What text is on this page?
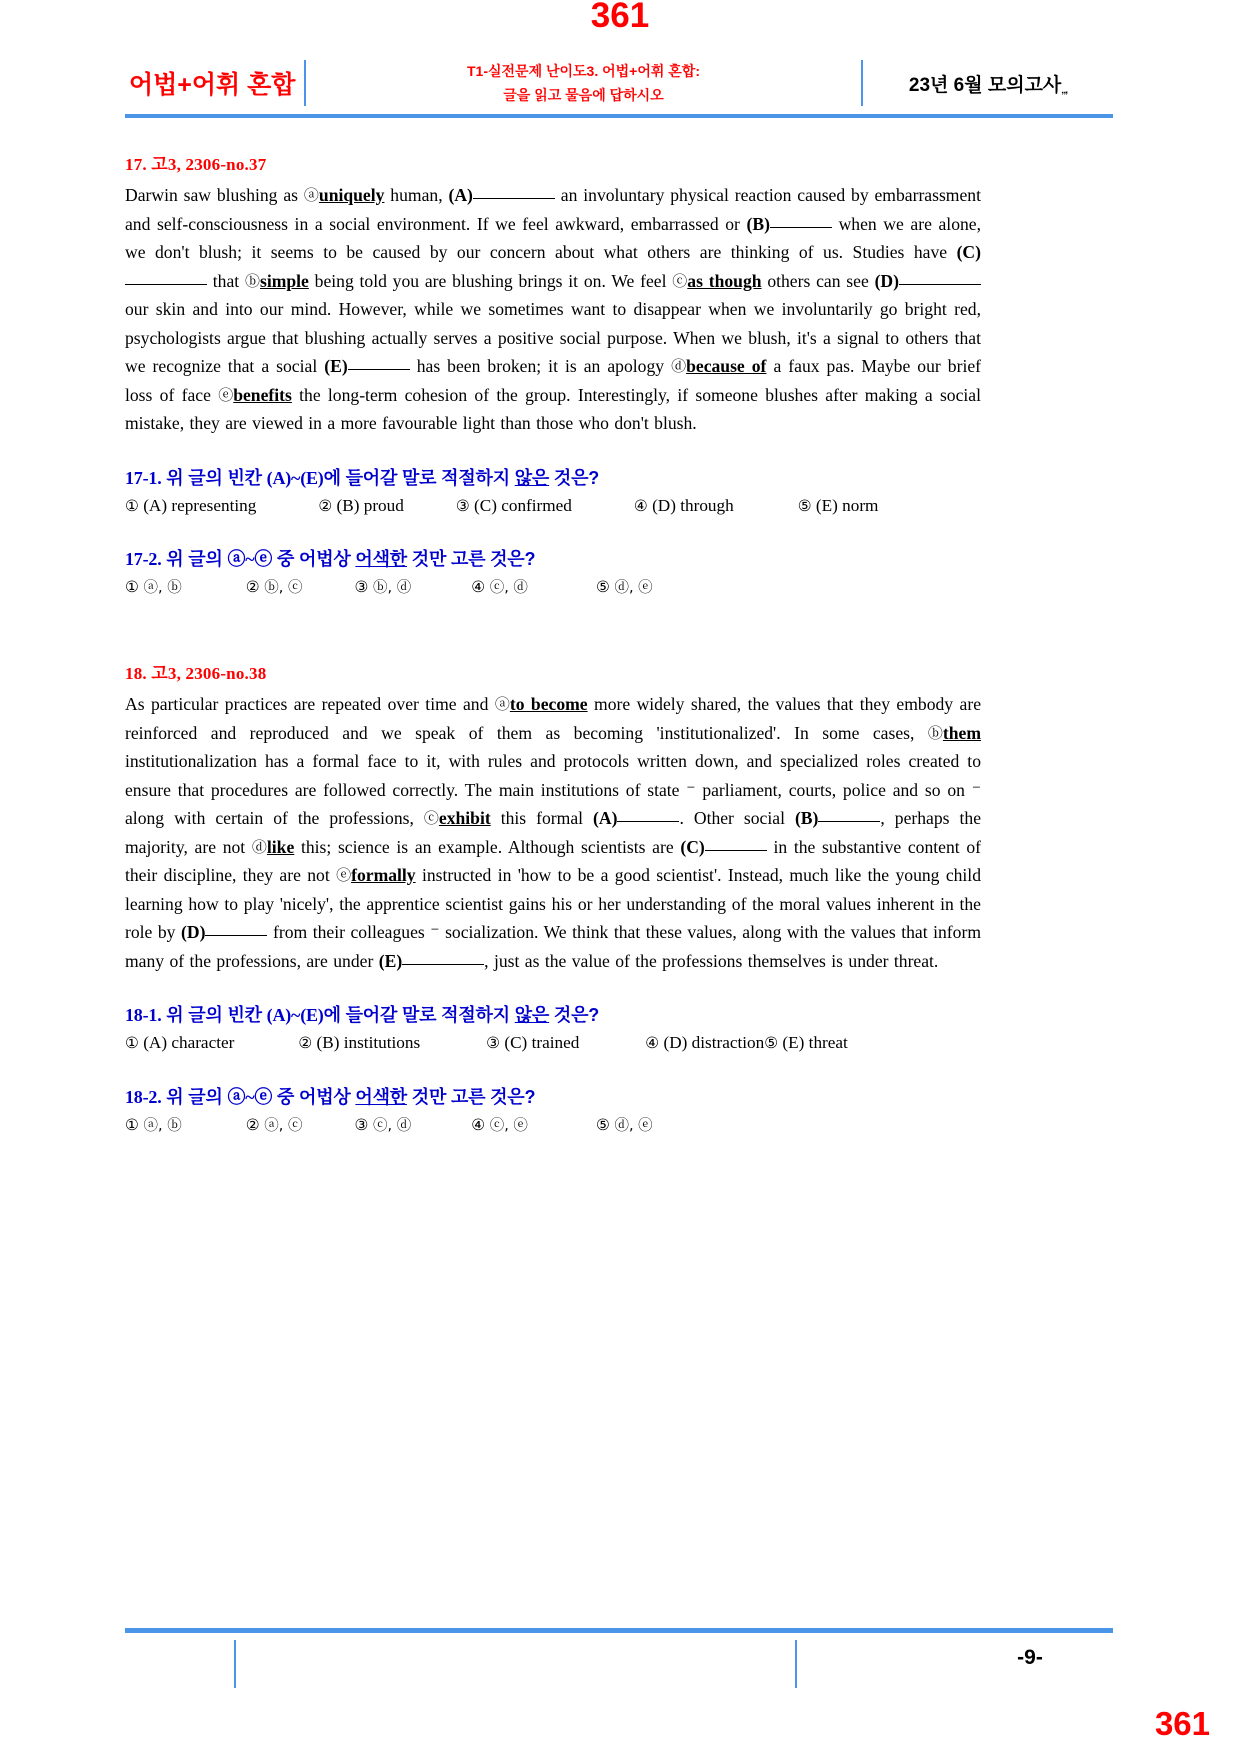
361
어법+어휘 혼합
T1-실전문제 난이도3. 어법+어휘 혼합:
글을 읽고 물음에 답하시오	23년 6월 모의고사„,

17. 고3, 2306-no.37

Darwin saw blushing as ⓐuniquely human, (A)	an involuntary physical reaction caused by embarrassment and self-consciousness in a social environment. If we feel awkward, embarrassed or (B)	when we are alone, we don't blush; it seems to be caused by our concern about what others are thinking of us. Studies have (C) that ⓑsimple being told you are blushing brings it on. We feel ⓒas though others can see (D) our skin and into our mind. However, while we sometimes want to disappear when we involuntarily go bright red, psychologists argue that blushing actually serves a positive social purpose. When we blush, it's a signal to others that we recognize that a social (E)	has been broken; it is an apology ⓓbecause of a faux pas. Maybe our brief loss of face ⓔbenefits the long-term cohesion of the group. Interestingly, if someone blushes after making a social mistake, they are viewed in a more favourable light than those who don't blush.

17-1. 위 글의 빈칸 (A)~(E)에 들어갈 말로 적절하지 않은 것은?

① (A) representing	② (B) proud	③ (C) confirmed	④ (D) through	⑤ (E) norm

17-2. 위 글의 ⓐ~ⓔ 중 어법상 어색한 것만 고른 것은?

① ⓐ, ⓑ	② ⓑ, ⓒ	③ ⓑ, ⓓ	④ ⓒ, ⓓ	⑤ ⓓ, ⓔ

18. 고3, 2306-no.38

As particular practices are repeated over time and ⓐto become more widely shared, the values that they embody are reinforced and reproduced and we speak of them as becoming 'institutionalized'. In some cases, ⓑthem institutionalization has a formal face to it, with rules and protocols written down, and specialized roles created to ensure that procedures are followed correctly. The main institutions of state ⁻ parliament, courts, police and so on ⁻ along with certain of the professions, ⓒexhibit this formal (A)	. Other social (B)	, perhaps the majority, are not ⓓlike this; science is an example. Although scientists are (C)	in the substantive content of their discipline, they are not ⓔformally instructed in 'how to be a good scientist'. Instead, much like the young child learning how to play 'nicely', the apprentice scientist gains his or her understanding of the moral values inherent in the role by (D)	from their colleagues ⁻ socialization. We think that these values, along with the values that inform many of the professions, are under (E)	, just as the value of the professions themselves is under threat.

18-1. 위 글의 빈칸 (A)~(E)에 들어갈 말로 적절하지 않은 것은?

① (A) character	② (B) institutions	③ (C) trained	④ (D) distraction⑤ (E) threat

18-2. 위 글의 ⓐ~ⓔ 중 어법상 어색한 것만 고른 것은?

① ⓐ, ⓑ	② ⓐ, ⓒ	③ ⓒ, ⓓ	④ ⓒ, ⓔ	⑤ ⓓ, ⓔ

-9-
361
